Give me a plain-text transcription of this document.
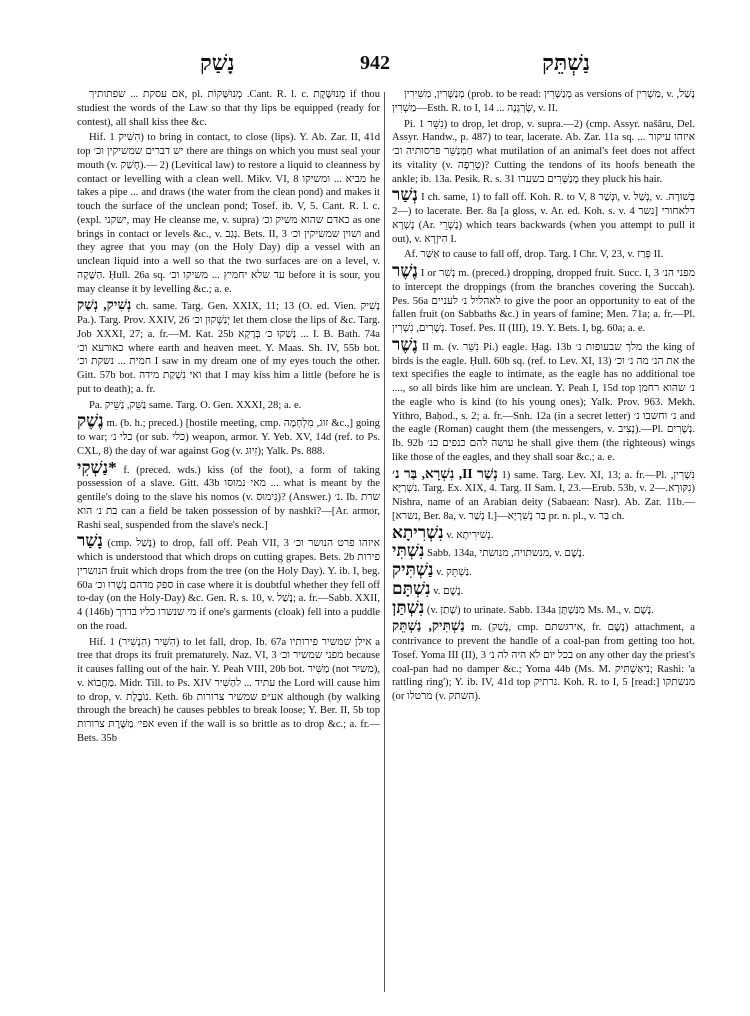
נָשַׁק	942	נַשְׁתֵּק

אם עסקת ... שפתותיך, pl. מְנוּשָּׁקוֹת .Cant. R. l. c. מְנוּשֶּׁקֶת if thou studiest the words of the Law so that thy lips be equipped (ready for contest), all shall kiss thee &c.

Hif. הִשִּׁיק 1) to bring in contact, to close (lips). Y. Ab. Zar. II, 41d top יש דברים שמשיקין וכ׳ there are things on which you must seal your mouth (v. חָשַׁק).— 2) (Levitical law) to restore a liquid to cleanness by contact or levelling with a clean well. Mikv. VI, 8 מביא ... ומשיקו he takes a pipe ... and draws (the water from the clean pond) and makes it touch the surface of the unclean pond; Tosef. ib. V, 5. Cant. R. l. c. (expl. ישקני, may He cleanse me, v. supra) כאדם שהוא משיק וכ׳ as one brings in contact or levels &c., v. נְגַב. Bets. II, 3 ושוין שמשיקין וכ׳ and they agree that you may (on the Holy Day) dip a vessel with an unclean liquid into a well so that the two surfaces are on a level, v. הַשָּׁקָה. Ḥull. 26a sq. עד שלא יחמיץ ... משיקו וכ׳ before it is sour, you may cleanse it by levelling &c.; a. e.

נְשִׁיק, נְשַׁק ch. same. Targ. Gen. XXIX, 11; 13 (O. ed. Vien. נְשִׁיק Pa.). Targ. Prov. XXIV, 26 יְנַשְּׁקוּן וכ׳ let them close the lips of &c. Targ. Job XXXI, 27; a. fr.—M. Kat. 25b נְשַׁקוּ כ׳ בְּרָקָא ... I. B. Bath. 74a כאורעא וכ׳ where earth and heaven meet. Y. Maas. Sh. IV, 55b bot. חמית ... נשקת וכ׳ I saw in my dream one of my eyes touch the other. Gitt. 57b bot. ואי נִשְׁקַת מידה that I may kiss him a little (before he is put to death); a. fr.

Pa. נַשֵּׁק, נַשֵּׁיק same. Targ. O. Gen. XXXI, 28; a. e.

נֶשֶׁק m. (b. h.; preced.) [hostile meeting, cmp. זוּג, מִלְחָמָה &c.,] going to war; כלי נ׳ (or sub. כלי) weapon, armor. Y. Yeb. XV, 14d (ref. to Ps. CXL, 8) the day of war against Gog (v. זִיוּג); Yalk. Ps. 888.

*נַשְׁקִי f. (preced. wds.) kiss (of the foot), a form of taking possession of a slave. Gitt. 43b מאי נמוסו ... what is meant by the gentile's doing to the slave his nomos (v. נִימוּס)? (Answer.) נ׳. Ib. שרת בת נ׳ הוא can a field be taken possession of by nashki?—[Ar. armor, Rashi seal, suspended from the slave's neck.]

נָשַׁר (cmp. נָשַׁל) to drop, fall off. Peah VII, 3 איזהו פרט הנושר וכ׳ which is understood that which drops on cutting grapes. Bets. 2b פירות הנושרין fruit which drops from the tree (on the Holy Day). Y. ib. I, beg. 60a ספק מדהם נָשְׁרוּ וכ׳ in case where it is doubtful whether they fell off to-day (on the Holy-Day) &c. Gen. R. s. 10, v. נָשַׁל; a. fr.—Sabb. XXII, 4 (146b) מי שנשרו כליו בדרך if one's garments (cloak) fell into a puddle on the road.

Hif. הִשִּׁיר (הִנְשִׁיר) 1) to let fall, drop. Ib. 67a אילן שמשיר פירותיו a tree that drops its fruit prematurely. Naz. VI, 3 מפני שמשיר וכ׳ because it causes falling out of the hair. Y. Peah VIII, 20b bot. מַשִּׁיר (not משיר), v. מַחֲבוֹא. Midr. Till. to Ps. XIV עתיד ... להַשִּׁיר the Lord will cause him to drop, v. נוֹבֶלֶת. Keth. 6b אע״פ שמשיר צרורות although (by walking through the breach) he causes pebbles to break loose; Y. Ber. II, 5b top אפי׳ מַשֶּׁרֶת צרורות even if the wall is so brittle as to drop &c.; a. fr.—Bets. 35b

מְנַשְּׁרִין, מַשִּׁירִין (prob. to be read: מְנַשְּׁרִין as versions of מַשְׁרִין, v. נָשַׁל, מַשְׁרִין—Esth. R. to I, 14 ... שָׂרְגָנָה, v. II.

Pi. נִשֵּׁר 1) to drop, let drop, v. supra.—2) (cmp. Assyr. našâru, Del. Assyr. Handw., p. 487) to tear, lacerate. Ab. Zar. 11a sq. איזהו עיקור ... חַמְּנַשֵּׁר פרסותיה וכ׳ what mutilation of an animal's feet does not affect its vitality (v. טְרֵפָה)? Cutting the tendons of its hoofs beneath the ankle; ib. 13a. Pesik. R. s. 31 מְנַשְּׁרִים בשערו they pluck his hair.

נְשַׁר I ch. same, 1) to fall off. Koh. R. to V, 8 וּנְשַׁר, v. נְשַׁל, v. בְּשׁוּרָה.—2) to lacerate. Ber. 8a [a gloss, v. Ar. ed. Koh. s. v. נשר 4] דלאחורי נָשְׁרָא (Ar. נָשְׁרֵי) which tears backwards (when you attempt to pull it out), v. הִיזְרָא I.

Af. אַשַּׁר to cause to fall off, drop. Targ. I Chr. V, 23, v. פְּרַז II.

נֶשֶׁר I or נְשִׁר m. (preced.) dropping, dropped fruit. Succ. I, 3 מפני הנ׳ to intercept the droppings (from the branches covering the Succah). Pes. 56a לאהליל נ׳ לעניים to give the poor an opportunity to eat of the fallen fruit (on Sabbaths &c.) in years of famine; Men. 71a; a. fr.—Pl. נְשָׁרִים, נִשְׁרִין. Tosef. Pes. II (III), 19. Y. Bets. I, bg. 60a; a. e.

נֶשֶׁר II m. (v. נִשֵּׁר Pi.) eagle. Ḥag. 13b מלך שבעופות נ׳ the king of birds is the eagle. Ḥull. 60b sq. (ref. to Lev. XI, 13) את הנ׳ מה נ׳ וכ׳ the text specifies the eagle to intimate, as the eagle has no additional toe ...., so all birds like him are unclean. Y. Peah I, 15d top נ׳ שהוא רחמן the eagle who is kind (to his young ones); Yalk. Prov. 963. Mekh. Yithro, Baḥod., s. 2; a. fr.—Snh. 12a (in a secret letter) נ׳ וחשבו נ׳ and the eagle (Roman) caught them (the messengers, v. נְצִיב).—Pl. נְשָׁרִים. Ib. 92b עושה להם כנפים כנ׳ he shall give them (the righteous) wings like those of the eagles, and they shall soar &c.; a. e.

נְשַׁר II, נִשְׁרָא, בַּר נ׳ 1) same. Targ. Lev. XI, 13; a. fr.—Pl. נִשְׁרִין, נִשְׁרַיָּא. Targ. Ex. XIX, 4. Targ. II Sam. I, 23.—Erub. 53b, v. נִקּוּרָא.—2) Nishra, name of an Arabian deity (Sabaean: Nasr). Ab. Zar. 11b.—[נשרא, Ber. 8a, v. נְשַׁר I.]—בַּר נְשִׁרָיָא pr. n. pl., v. בַּר ch.

נִשְׁרִיתָא v. נְשִׁירִיתָא.

נִשְׁתִּי Sabb. 134a, מנשתויה, מנושתי, v. נֶשֶׁם.

נַשְׁתִּיק v. נַשְׁתֵּק.

נִשְׁתָּם v. נֶשֶׁם.

נִשְׁתַּן (v. שָׁתַן) to urinate. Sabb. 134a מִנַּשְׁתָּן Ms. M., v. נֶשֶׁם.

נַשְׁתִּיק, נַשְׁתֵּק m. (נָשַׁק, cmp. אירגשתם, fr. נֶשֶׁם) attachment, a contrivance to prevent the handle of a coal-pan from getting too hot. Tosef. Yoma III (II), 3 בכל יום לא היה לה נ׳ on any other day the priest's coal-pan had no damper &c.; Yoma 44b (Ms. M. נִיאַשְׁתִּיק; Rashi: 'a rattling ring'); Y. ib. IV, 41d top נרתיק. Koh. R. to I, 5 [read:] מנשתקו (or מרטלו (v. השתק).
